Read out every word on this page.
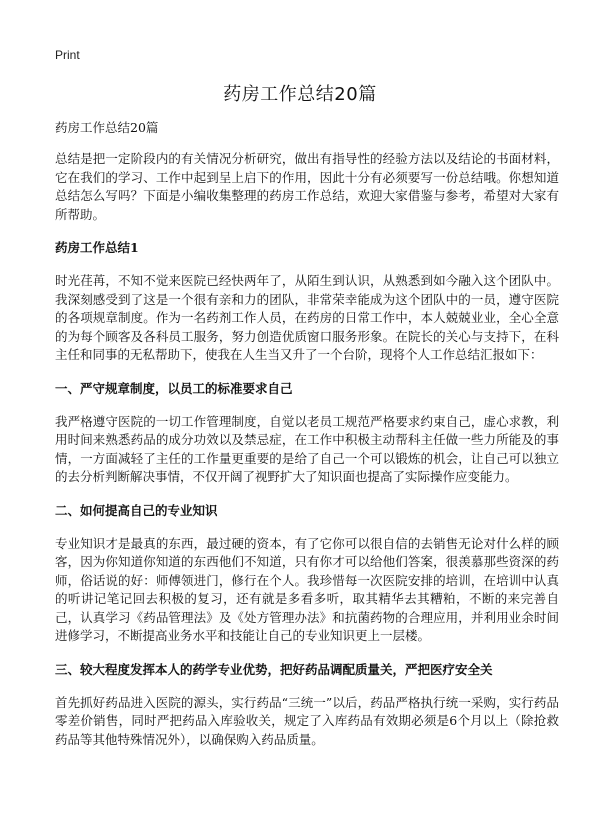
Print
药房工作总结20篇
药房工作总结20篇

总结是把一定阶段内的有关情况分析研究，做出有指导性的经验方法以及结论的书面材料，它在我们的学习、工作中起到呈上启下的作用，因此十分有必须要写一份总结哦。你想知道总结怎么写吗？下面是小编收集整理的药房工作总结，欢迎大家借鉴与参考，希望对大家有所帮助。

药房工作总结1

时光荏苒，不知不觉来医院已经快两年了，从陌生到认识，从熟悉到如今融入这个团队中。我深刻感受到了这是一个很有亲和力的团队，非常荣幸能成为这个团队中的一员，遵守医院的各项规章制度。作为一名药剂工作人员，在药房的日常工作中，本人兢兢业业，全心全意的为每个顾客及各科员工服务，努力创造优质窗口服务形象。在院长的关心与支持下，在科主任和同事的无私帮助下，使我在人生当又升了一个台阶，现将个人工作总结汇报如下：

一、严守规章制度，以员工的标准要求自己

我严格遵守医院的一切工作管理制度，自觉以老员工规范严格要求约束自己，虚心求教，利用时间来熟悉药品的成分功效以及禁忌症，在工作中积极主动帮科主任做一些力所能及的事情，一方面减轻了主任的工作量更重要的是给了自己一个可以锻炼的机会，让自己可以独立的去分析判断解决事情，不仅开阔了视野扩大了知识面也提高了实际操作应变能力。

二、如何提高自己的专业知识

专业知识才是最真的东西，最过硬的资本，有了它你可以很自信的去销售无论对什么样的顾客，因为你知道你知道的东西他们不知道，只有你才可以给他们答案，很羡慕那些资深的药师，俗话说的好：师傅领进门，修行在个人。我珍惜每一次医院安排的培训，在培训中认真的听讲记笔记回去积极的复习，还有就是多看多听，取其精华去其糟粕，不断的来完善自己，认真学习《药品管理法》及《处方管理办法》和抗菌药物的合理应用，并利用业余时间进修学习，不断提高业务水平和技能让自己的专业知识更上一层楼。

三、较大程度发挥本人的药学专业优势，把好药品调配质量关，严把医疗安全关

首先抓好药品进入医院的源头，实行药品“三统一”以后，药品严格执行统一采购，实行药品零差价销售，同时严把药品入库验收关，规定了入库药品有效期必须是6个月以上（除抢救药品等其他特殊情况外），以确保购入药品质量。
